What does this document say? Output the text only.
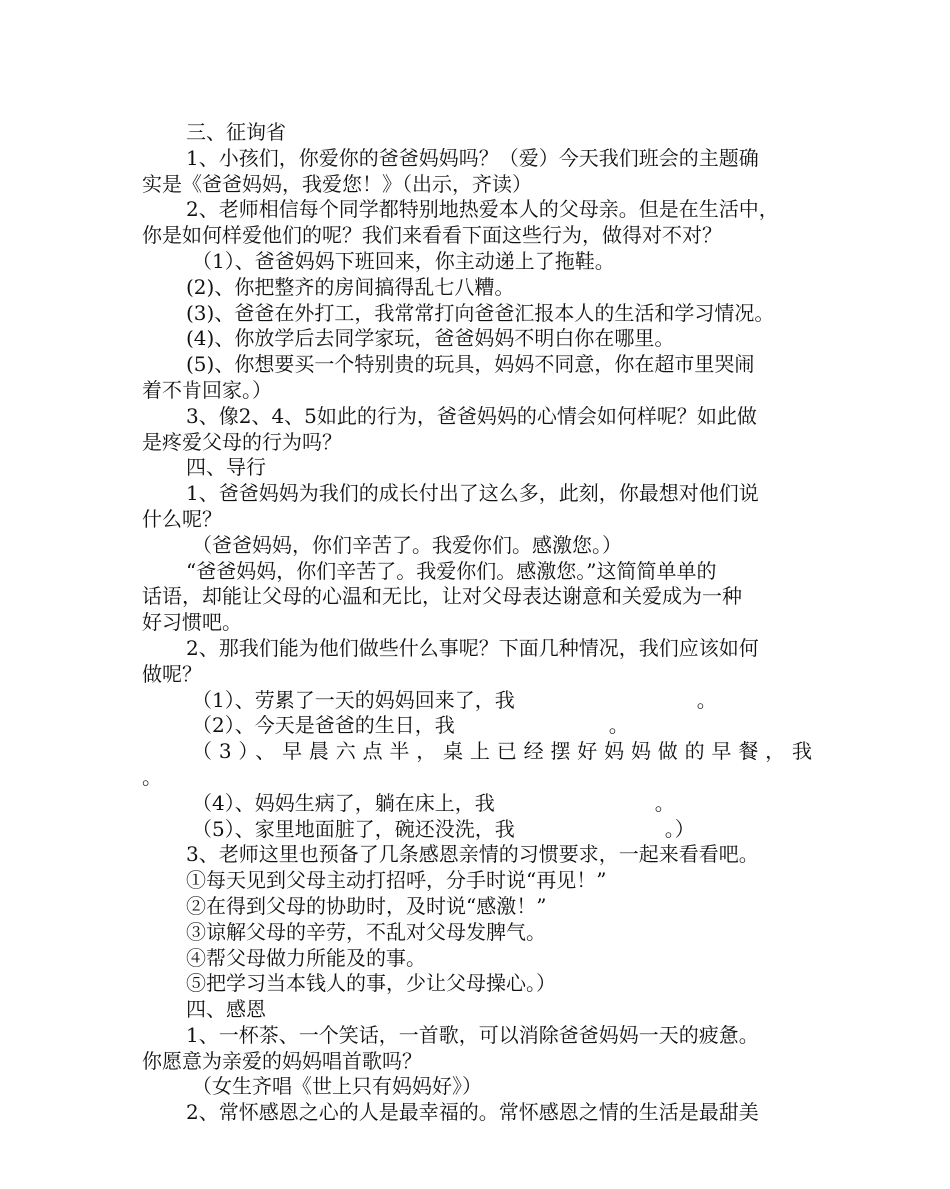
三、征询省
1、小孩们，你爱你的爸爸妈妈吗？（爱）今天我们班会的主题确
实是《爸爸妈妈，我爱您！》（出示，齐读）
2、老师相信每个同学都特别地热爱本人的父母亲。但是在生活中，
你是如何样爱他们的呢？我们来看看下面这些行为，做得对不对？
（1）、爸爸妈妈下班回来，你主动递上了拖鞋。
(2)、你把整齐的房间搞得乱七八糟。
(3)、爸爸在外打工，我常常打向爸爸汇报本人的生活和学习情况。
(4)、你放学后去同学家玩，爸爸妈妈不明白你在哪里。
(5)、你想要买一个特别贵的玩具，妈妈不同意，你在超市里哭闹
着不肯回家。）
3、像2、4、5如此的行为，爸爸妈妈的心情会如何样呢？如此做
是疼爱父母的行为吗？
四、导行
1、爸爸妈妈为我们的成长付出了这么多，此刻，你最想对他们说
什么呢？
（爸爸妈妈，你们辛苦了。我爱你们。感激您。）
“爸爸妈妈，你们辛苦了。我爱你们。感激您。”这简简单单的
话语，却能让父母的心温和无比，让对父母表达谢意和关爱成为一种
好习惯吧。
2、那我们能为他们做些什么事呢？下面几种情况，我们应该如何
做呢？
（1）、劳累了一天的妈妈回来了，我	。
（2）、今天是爸爸的生日，我	。
（3）、早晨六点半，桌上已经摆好妈妈做的早餐，我
。
（4）、妈妈生病了，躺在床上，我	。
（5）、家里地面脏了，碗还没洗，我	。）
3、老师这里也预备了几条感恩亲情的习惯要求，一起来看看吧。
①每天见到父母主动打招呼，分手时说“再见！”
②在得到父母的协助时，及时说“感激！”
③谅解父母的辛劳，不乱对父母发脾气。
④帮父母做力所能及的事。
⑤把学习当本钱人的事，少让父母操心。）
四、感恩
1、一杯茶、一个笑话，一首歌，可以消除爸爸妈妈一天的疲惫。
你愿意为亲爱的妈妈唱首歌吗？
（女生齐唱《世上只有妈妈好》）
2、常怀感恩之心的人是最幸福的。常怀感恩之情的生活是最甜美
